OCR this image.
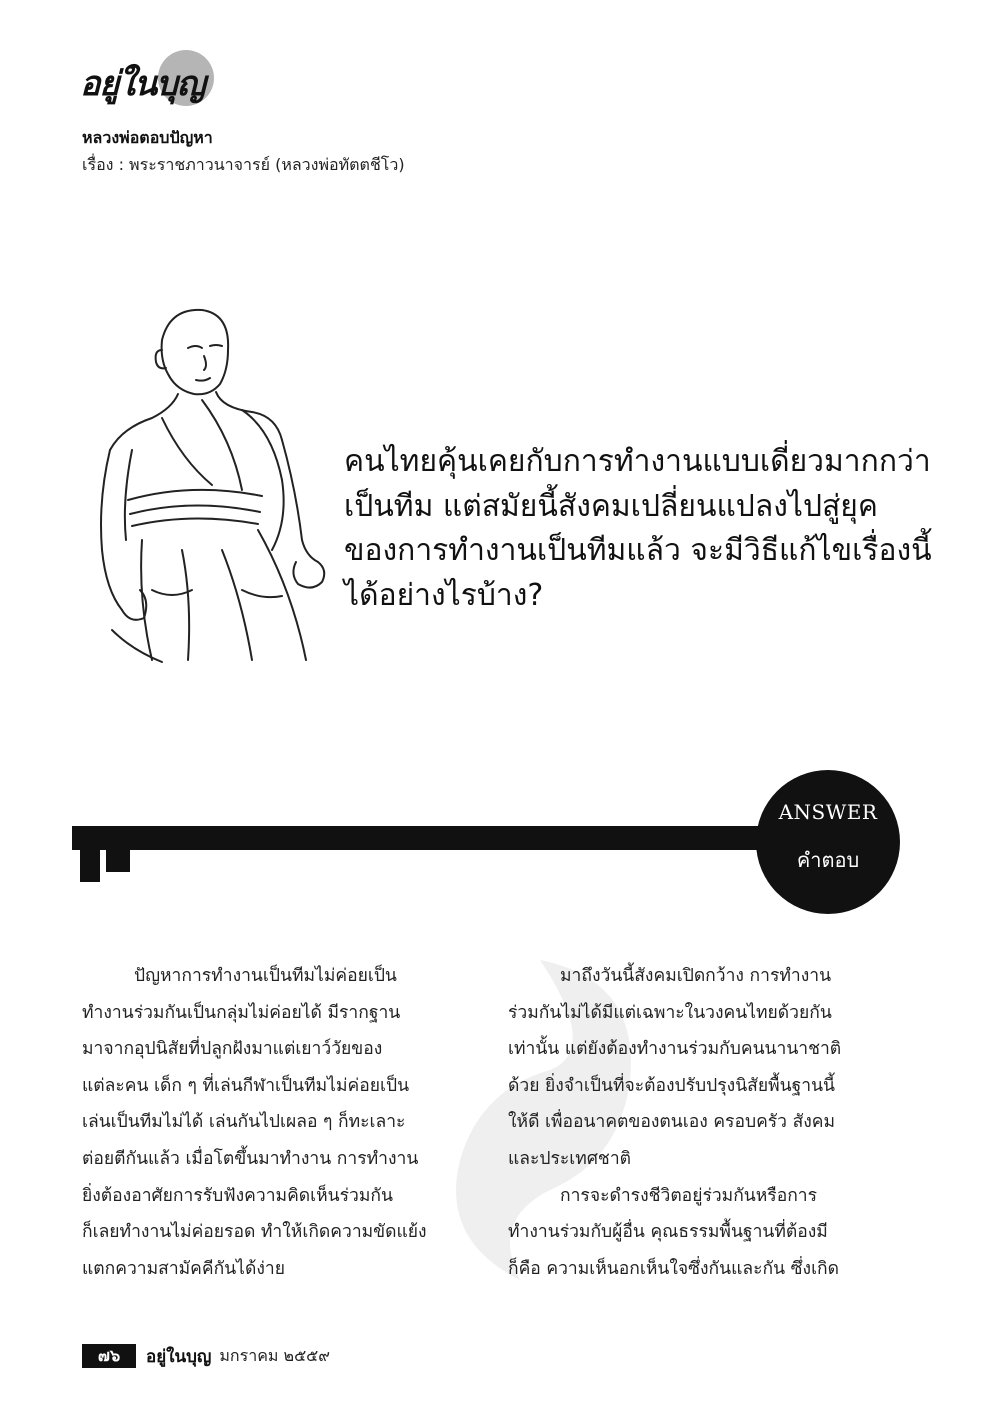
อยู่ในบุญ
หลวงพ่อตอบปัญหา
เรื่อง : พระราชภาวนาจารย์ (หลวงพ่อทัตตชีโว)
คนไทยคุ้นเคยกับการทำงานแบบเดี่ยวมากกว่า
เป็นทีม แต่สมัยนี้สังคมเปลี่ยนแปลงไปสู่ยุค
ของการทำงานเป็นทีมแล้ว จะมีวิธีแก้ไขเรื่องนี้
ได้อย่างไรบ้าง?
ANSWER
คำตอบ
ปัญหาการทำงานเป็นทีมไม่ค่อยเป็น
ทำงานร่วมกันเป็นกลุ่มไม่ค่อยได้ มีรากฐาน
มาจากอุปนิสัยที่ปลูกฝังมาแต่เยาว์วัยของ
แต่ละคน เด็ก ๆ ที่เล่นกีฬาเป็นทีมไม่ค่อยเป็น
เล่นเป็นทีมไม่ได้ เล่นกันไปเผลอ ๆ ก็ทะเลาะ
ต่อยตีกันแล้ว เมื่อโตขึ้นมาทำงาน การทำงาน
ยิ่งต้องอาศัยการรับฟังความคิดเห็นร่วมกัน
ก็เลยทำงานไม่ค่อยรอด ทำให้เกิดความขัดแย้ง
แตกความสามัคคีกันได้ง่าย
มาถึงวันนี้สังคมเปิดกว้าง การทำงาน
ร่วมกันไม่ได้มีแต่เฉพาะในวงคนไทยด้วยกัน
เท่านั้น แต่ยังต้องทำงานร่วมกับคนนานาชาติ
ด้วย ยิ่งจำเป็นที่จะต้องปรับปรุงนิสัยพื้นฐานนี้
ให้ดี เพื่ออนาคตของตนเอง ครอบครัว สังคม
และประเทศชาติ
การจะดำรงชีวิตอยู่ร่วมกันหรือการ
ทำงานร่วมกับผู้อื่น คุณธรรมพื้นฐานที่ต้องมี
ก็คือ ความเห็นอกเห็นใจซึ่งกันและกัน ซึ่งเกิด
๗๖	อยู่ในบุญ มกราคม ๒๕๕๙
